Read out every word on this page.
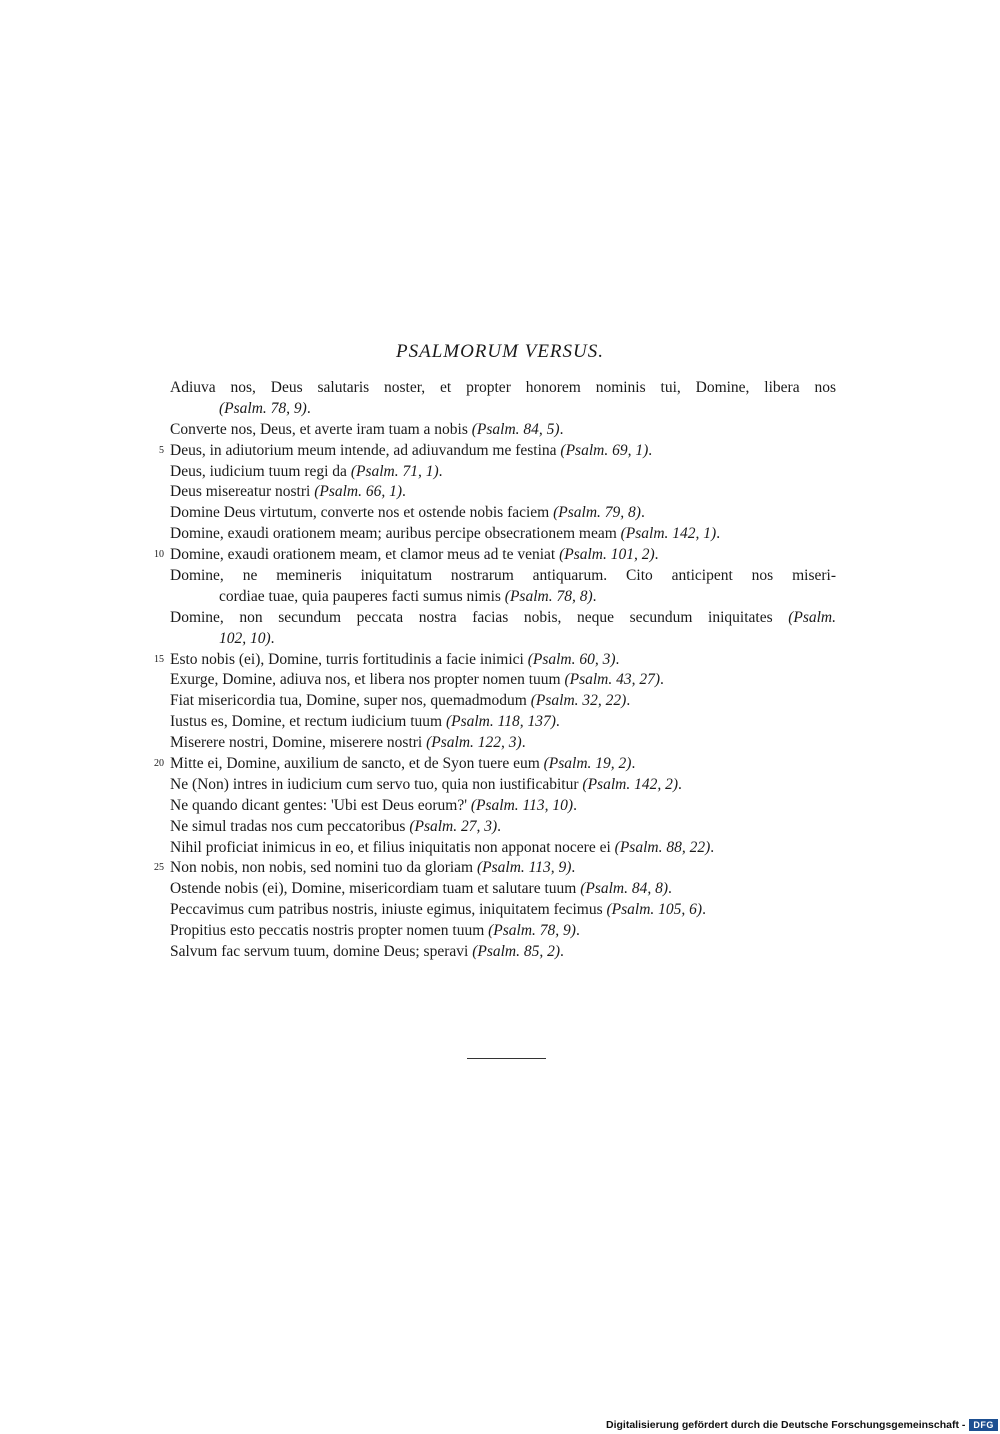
PSALMORUM VERSUS.
Adiuva nos, Deus salutaris noster, et propter honorem nominis tui, Domine, libera nos
(Psalm. 78, 9).
Converte nos, Deus, et averte iram tuam a nobis (Psalm. 84, 5).
Deus, in adiutorium meum intende, ad adiuvandum me festina (Psalm. 69, 1).
5
Deus, iudicium tuum regi da (Psalm. 71, 1).
Deus misereatur nostri (Psalm. 66, 1).
Domine Deus virtutum, converte nos et ostende nobis faciem (Psalm. 79, 8).
Domine, exaudi orationem meam; auribus percipe obsecrationem meam (Psalm. 142, 1).
Domine, exaudi orationem meam, et clamor meus ad te veniat (Psalm. 101, 2).
10
Domine, ne memineris iniquitatum nostrarum antiquarum. Cito anticipent nos miseri-
cordiae tuae, quia pauperes facti sumus nimis (Psalm. 78, 8).
Domine, non secundum peccata nostra facias nobis, neque secundum iniquitates (Psalm.
102, 10).
Esto nobis (ei), Domine, turris fortitudinis a facie inimici (Psalm. 60, 3).
15
Exurge, Domine, adiuva nos, et libera nos propter nomen tuum (Psalm. 43, 27).
Fiat misericordia tua, Domine, super nos, quemadmodum (Psalm. 32, 22).
Iustus es, Domine, et rectum iudicium tuum (Psalm. 118, 137).
Miserere nostri, Domine, miserere nostri (Psalm. 122, 3).
Mitte ei, Domine, auxilium de sancto, et de Syon tuere eum (Psalm. 19, 2).
20
Ne (Non) intres in iudicium cum servo tuo, quia non iustificabitur (Psalm. 142, 2).
Ne quando dicant gentes: 'Ubi est Deus eorum?' (Psalm. 113, 10).
Ne simul tradas nos cum peccatoribus (Psalm. 27, 3).
Nihil proficiat inimicus in eo, et filius iniquitatis non apponat nocere ei (Psalm. 88, 22).
Non nobis, non nobis, sed nomini tuo da gloriam (Psalm. 113, 9).
25
Ostende nobis (ei), Domine, misericordiam tuam et salutare tuum (Psalm. 84, 8).
Peccavimus cum patribus nostris, iniuste egimus, iniquitatem fecimus (Psalm. 105, 6).
Propitius esto peccatis nostris propter nomen tuum (Psalm. 78, 9).
Salvum fac servum tuum, domine Deus; speravi (Psalm. 85, 2).
Digitalisierung gefördert durch die Deutsche Forschungsgemeinschaft - DFG
